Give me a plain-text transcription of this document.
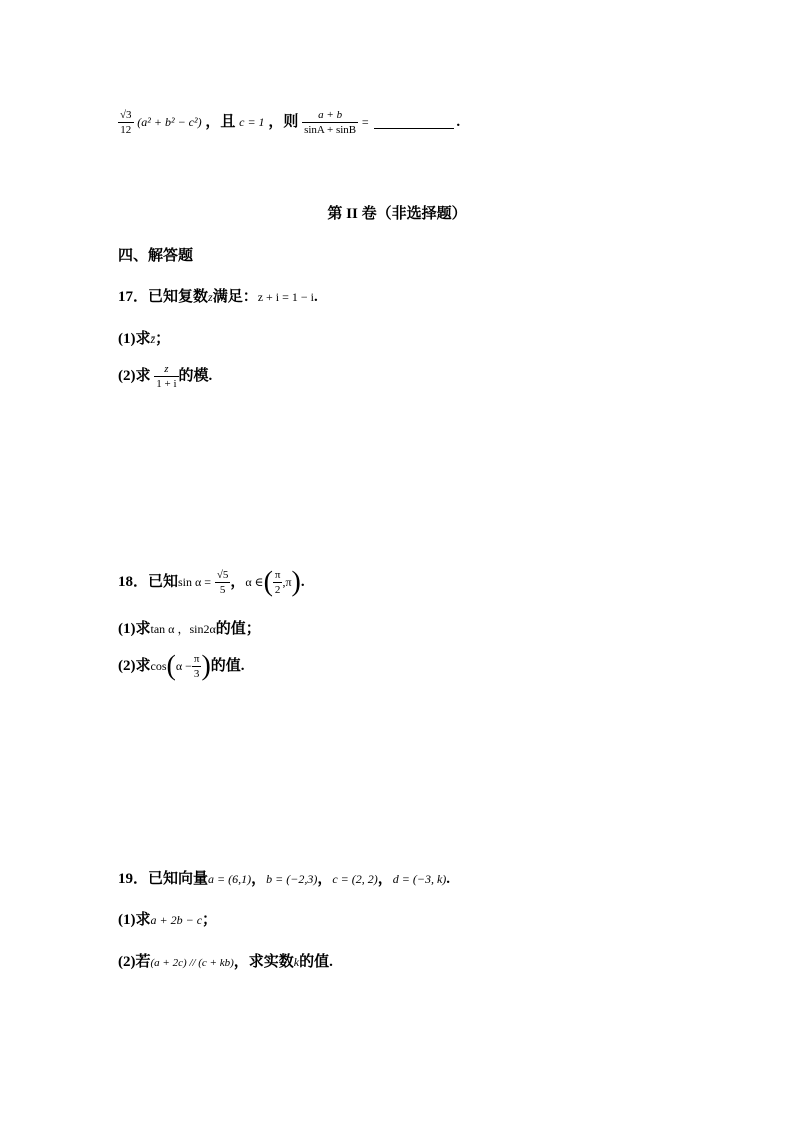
$\frac{√3}{12} (a^2 + b^2 - c^2)$ ，且 c = 1 ，则 $\frac{a + b}{\sin A + \sin B}$ =	.
第 II 卷（非选择题）
四、解答题
17．已知复数z满足：z + i = 1 − i.
(1)求z̄；
(2)求 $\frac{z}{1 + i}$ 的模.
18．已知$\sin \alpha = \frac{√5}{5}$ ，α ∈( $\frac{\pi}{2} ,\pi$).
(1)求tan α ，sin2α的值；
(2)求$\cos(\alpha - \frac{\pi}{3}$ )的值.
19．已知向量a = (6,1)，b = (−2,3)，c = (2, 2)，d = (−3, k).
(1)求a + 2b − c；
(2)若(a + 2c) // (c + kb)，求实数k的值.
